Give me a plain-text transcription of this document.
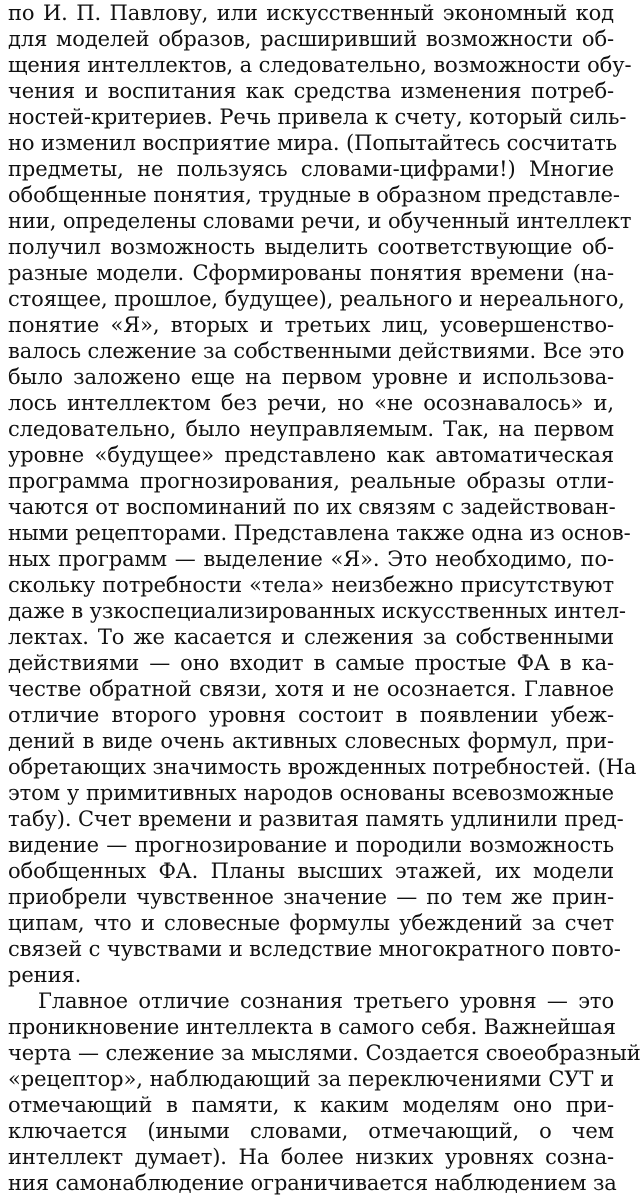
по И. П. Павлову, или искусственный экономный код
для моделей образов, расширивший возможности об-
щения интеллектов, а следовательно, возможности обу-
чения и воспитания как средства изменения потреб-
ностей-критериев. Речь привела к счету, который силь-
но изменил восприятие мира. (Попытайтесь сосчитать
предметы, не пользуясь словами-цифрами!) Многие
обобщенные понятия, трудные в образном представле-
нии, определены словами речи, и обученный интеллект
получил возможность выделить соответствующие об-
разные модели. Сформированы понятия времени (на-
стоящее, прошлое, будущее), реального и нереального,
понятие «Я», вторых и третьих лиц, усовершенство-
валось слежение за собственными действиями. Все это
было заложено еще на первом уровне и использова-
лось интеллектом без речи, но «не осознавалось» и,
следовательно, было неуправляемым. Так, на первом
уровне «будущее» представлено как автоматическая
программа прогнозирования, реальные образы отли-
чаются от воспоминаний по их связям с задействован-
ными рецепторами. Представлена также одна из основ-
ных программ — выделение «Я». Это необходимо, по-
скольку потребности «тела» неизбежно присутствуют
даже в узкоспециализированных искусственных интел-
лектах. То же касается и слежения за собственными
действиями — оно входит в самые простые ФА в ка-
честве обратной связи, хотя и не осознается. Главное
отличие второго уровня состоит в появлении убеж-
дений в виде очень активных словесных формул, при-
обретающих значимость врожденных потребностей. (На
этом у примитивных народов основаны всевозможные
табу). Счет времени и развитая память удлинили пред-
видение — прогнозирование и породили возможность
обобщенных ФА. Планы высших этажей, их модели
приобрели чувственное значение — по тем же прин-
ципам, что и словесные формулы убеждений за счет
связей с чувствами и вследствие многократного повто-
рения.
Главное отличие сознания третьего уровня — это
проникновение интеллекта в самого себя. Важнейшая
черта — слежение за мыслями. Создается своеобразный
«рецептор», наблюдающий за переключениями СУТ и
отмечающий в памяти, к каким моделям оно при-
ключается (иными словами, отмечающий, о чем
интеллект думает). На более низких уровнях созна-
ния самонаблюдение ограничивается наблюдением за
